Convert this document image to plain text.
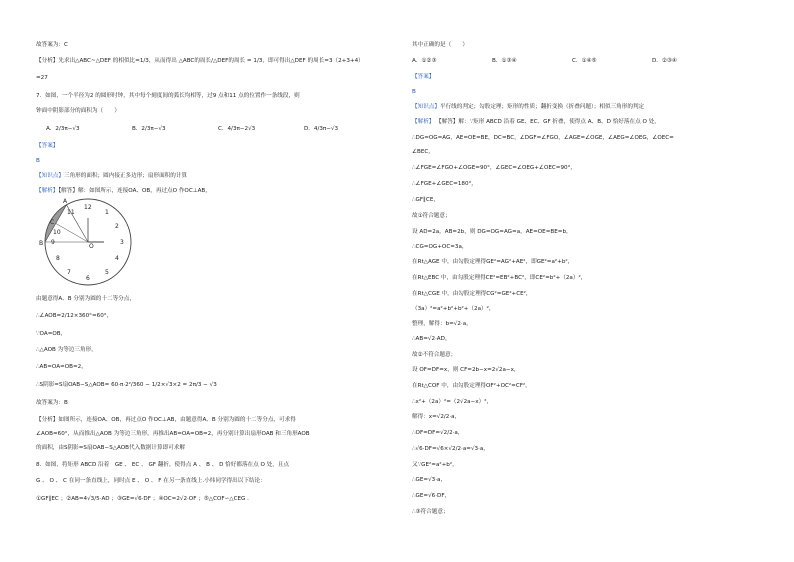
故答案为：C
【分析】先求出△ABC~△DEF 的相似比=1/3，从而得出 △ABC的周长/△DEF的周长 = 1/3，即可得出△DEF 的周长=3（2+3+4）
=27
7．如图，一个半径为2 的圆形时钟，其中每个刻度间的弧长均相等，过9 点和11 点的位置作一条线段，则
钟面中阴影部分的面积为（　　）
A．2/3π−√3	B．2/3π−√3	C．4/3π−2√3	D．4/3π−√3
【答案】
B
【知识点】三角形的面积；圆内接正多边形；扇形面积的计算
【解析】【解答】解：如图所示，连接OA、OB，再过点O 作OC⊥AB，
A
B
C
O
11
12
1
2
3
4
5
6
7
8
9
10
由题意得A、B 分别为圆的十二等分点，
∴∠AOB=2/12×360°=60°，
∵OA=OB，
∴△AOB 为等边三角形，
∴AB=OA=OB=2，
∴S阴影=S扇OAB−S△AOB= 60·π·2²/360 − 1/2×√3×2 = 2π/3 − √3
故答案为：B
【分析】如图所示，连接OA、OB，再过点O 作OC⊥AB，由题意得A、B 分别为圆的十二等分点，可求得
∠AOB=60°，从而推出△AOB 为等边三角形，再推出AB=OA=OB=2，再分别计算出扇形OAB 和三角形AOB
的面积，由S阴影=S扇OAB−S△AOB代入数据计算即可求解
8．如图，将矩形 ABCD 沿着　GE 、 EC 、 GF 翻折，使得点 A 、 B 、 D 恰好都落在点 O 处，且点
G 、 O 、 C 在同一条直线上，同时点 E 、 O 、 F 在另一条直线上.小炜同学得出以下结论：
①GF∥EC ；②AB=4√3/5·AD ；③GE=√6·DF ；④OC=2√2·OF ；⑤△COF∽△CEG ．
其中正确的是（　　）
A．①②③	B．①③④	C．①④⑤	D．②③④
【答案】
B
【知识点】平行线的判定；勾股定理；矩形的性质；翻折变换（折叠问题）；相似三角形的判定
【解析】 【解答】解：∵矩形 ABCD 沿着 GE、EC、GF 折叠，使得点 A、B、D 恰好落在点 O 处，
∴DG=OG=AG，AE=OE=BE，DC=BC，∠DGF=∠FGO，∠AGE=∠OGE，∠AEG=∠OEG，∠OEC=
∠BEC，
∴∠FGE=∠FGO+∠OGE=90°，∠GEC=∠OEG+∠OEC=90°，
∴∠FGE+∠GEC=180°，
∴GF∥CE，
故①符合题意；
设 AD=2a，AB=2b，则 DG=OG=AG=a，AE=OE=BE=b，
∴CG=OG+OC=3a，
在Rt△AGE 中，由勾股定理得GE²=AG²+AE²，即GE²=a²+b²，
在Rt△EBC 中，由勾股定理得CE²=EB²+BC²，即CE²=b²+（2a）²，
在Rt△CGE 中，由勾股定理得CG²=GE²+CE²，
（3a）²=a²+b²+b²+（2a）²，
整理，解得：b=√2·a，
∴AB=√2·AD，
故②不符合题意；
设 OF=DF=x，则 CF=2b−x=2√2a−x，
在Rt△COF 中，由勾股定理得OF²+OC²=CF²，
∴x²+（2a）²=（2√2a−x）²，
解得：x=√2/2·a，
∴OF=DF=√2/2·a，
∴√6·DF=√6×√2/2·a=√3·a，
又∵GE²=a²+b²，
∴GE=√3·a，
∴GE=√6·DF，
∴③符合题意；
